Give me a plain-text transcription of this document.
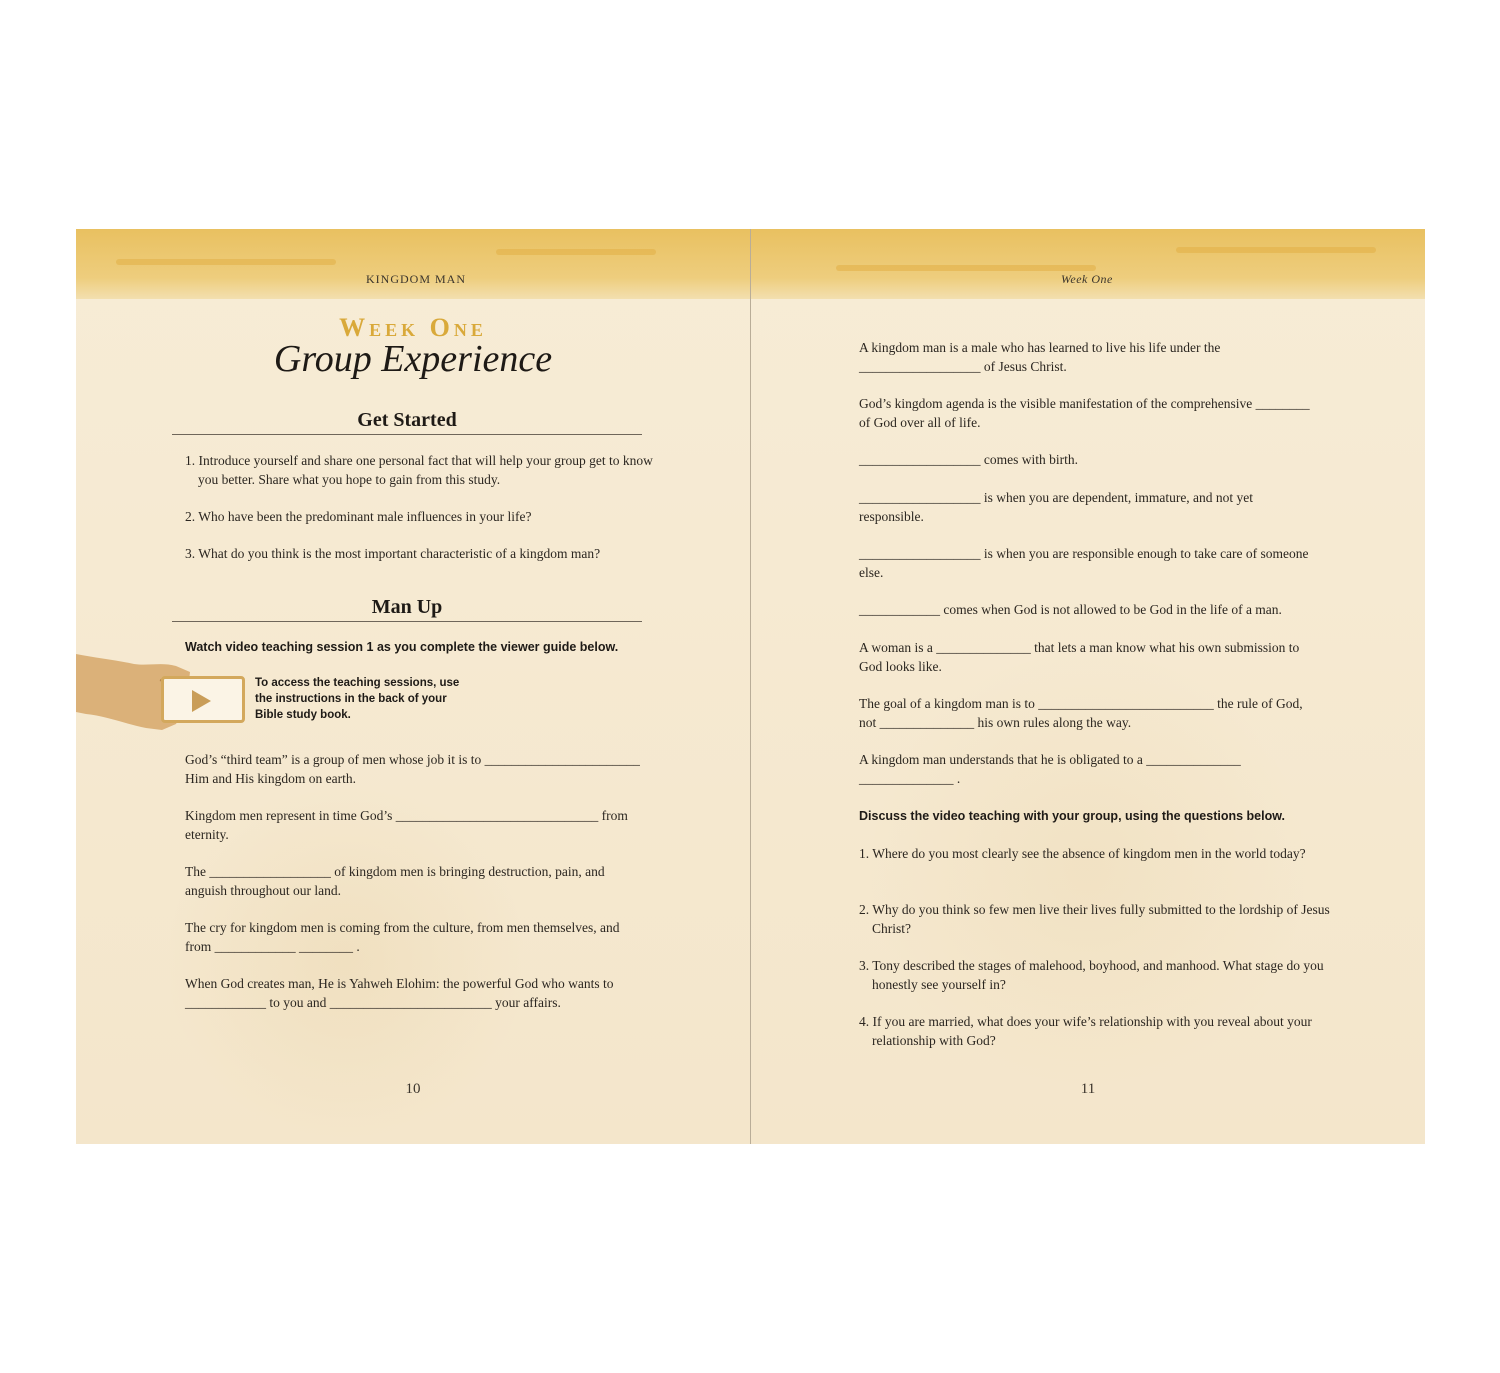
KINGDOM MAN
Week One
Group Experience
Get Started
1. Introduce yourself and share one personal fact that will help your group get to know you better. Share what you hope to gain from this study.
2. Who have been the predominant male influences in your life?
3. What do you think is the most important characteristic of a kingdom man?
Man Up
Watch video teaching session 1 as you complete the viewer guide below.
To access the teaching sessions, use the instructions in the back of your Bible study book.
God’s “third team” is a group of men whose job it is to _______________________ Him and His kingdom on earth.
Kingdom men represent in time God’s ______________________________ from eternity.
The __________________ of kingdom men is bringing destruction, pain, and anguish throughout our land.
The cry for kingdom men is coming from the culture, from men themselves, and from ____________ ________ .
When God creates man, He is Yahweh Elohim: the powerful God who wants to ____________ to you and ________________________ your affairs.
10
Week One
A kingdom man is a male who has learned to live his life under the __________________ of Jesus Christ.
God’s kingdom agenda is the visible manifestation of the comprehensive ________ of God over all of life.
__________________ comes with birth.
__________________ is when you are dependent, immature, and not yet responsible.
__________________ is when you are responsible enough to take care of someone else.
____________ comes when God is not allowed to be God in the life of a man.
A woman is a ______________ that lets a man know what his own submission to God looks like.
The goal of a kingdom man is to __________________________ the rule of God, not ______________ his own rules along the way.
A kingdom man understands that he is obligated to a ______________ ______________ .
Discuss the video teaching with your group, using the questions below.
1. Where do you most clearly see the absence of kingdom men in the world today?
2. Why do you think so few men live their lives fully submitted to the lordship of Jesus Christ?
3. Tony described the stages of malehood, boyhood, and manhood. What stage do you honestly see yourself in?
4. If you are married, what does your wife’s relationship with you reveal about your relationship with God?
11
